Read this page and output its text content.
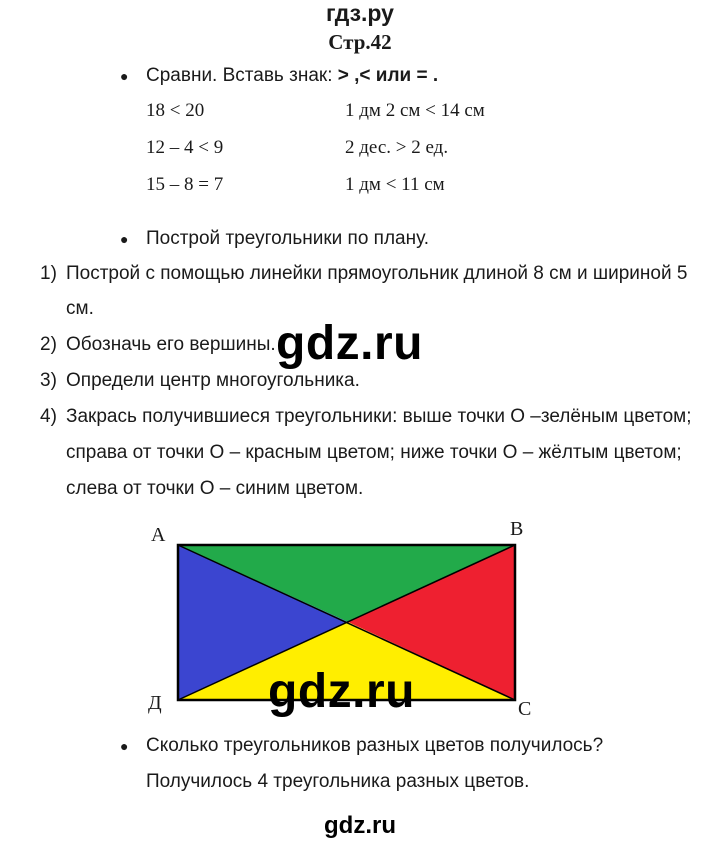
гдз.ру
Стр.42
● Сравни. Вставь знак: > ,< или = .
18 < 20
12 – 4 < 9
15 – 8 = 7
1 дм 2 см < 14 см
2 дес. > 2 ед.
1 дм < 11 см
● Построй треугольники по плану.
1) Построй с помощью линейки прямоугольник длиной 8 см и шириной 5
см.
2) Обозначь его вершины.
3) Определи центр многоугольника.
4) Закрась получившиеся треугольники: выше точки О –зелёным цветом;
справа от точки О – красным цветом; ниже точки О – жёлтым цветом;
слева от точки О – синим цветом.
gdz.ru
А	В
С
Д gdz.ru
● Сколько треугольников разных цветов получилось?
Получилось 4 треугольника разных цветов.
gdz.ru
